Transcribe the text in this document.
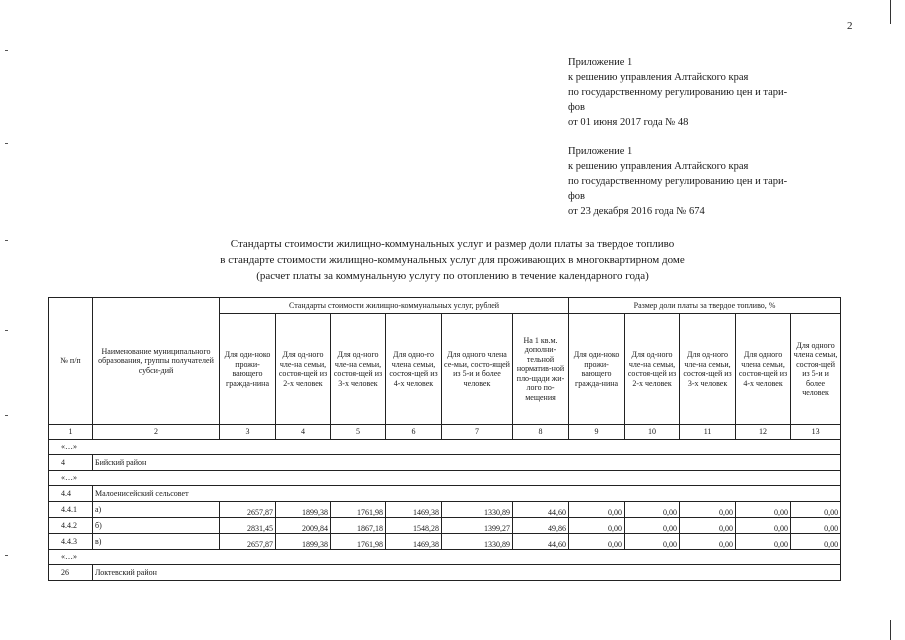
2
Приложение 1
к решению управления Алтайского края
по государственному регулированию цен и тари-
фов
от 01 июня 2017 года № 48
Приложение 1
к решению управления Алтайского края
по государственному регулированию цен и тари-
фов
от 23 декабря 2016 года № 674
Стандарты стоимости жилищно-коммунальных услуг и размер доли платы за твердое топливо
в стандарте стоимости жилищно-коммунальных услуг для проживающих в многоквартирном доме
(расчет платы за коммунальную услугу по отоплению в течение календарного года)
№ п/п	Наименование муниципального образования, группы получателей субси-дий	Стандарты стоимости жилищно-коммунальных услуг, рублей						Размер доли платы за твердое топливо, %				
		Для оди-ноко прожи-вающего гражда-нина	Для од-ного чле-на семьи, состоя-щей из 2-х человек	Для од-ного чле-на семьи, состоя-щей из 3-х человек	Для одно-го члена семьи, состоя-щей из 4-х человек	Для одного члена се-мьи, состо-ящей из 5-и и более человек	На 1 кв.м. дополни-тельной норматив-ной пло-щади жи-лого по-мещения	Для оди-ноко прожи-вающего гражда-нина	Для од-ного чле-на семьи, состоя-щей из 2-х человек	Для од-ного чле-на семьи, состоя-щей из 3-х человек	Для одного члена семьи, состоя-щей из 4-х человек	Для одного члена семьи, состоя-щей из 5-и и более человек
1	2	3	4	5	6	7	8	9	10	11	12	13
«…»												
4	Бийский район											
«…»												
4.4	Малоенисейский сельсовет											
4.4.1	а)	2657,87	1899,38	1761,98	1469,38	1330,89	44,60	0,00	0,00	0,00	0,00	0,00
4.4.2	б)	2831,45	2009,84	1867,18	1548,28	1399,27	49,86	0,00	0,00	0,00	0,00	0,00
4.4.3	в)	2657,87	1899,38	1761,98	1469,38	1330,89	44,60	0,00	0,00	0,00	0,00	0,00
«…»												
26	Локтевский район											
